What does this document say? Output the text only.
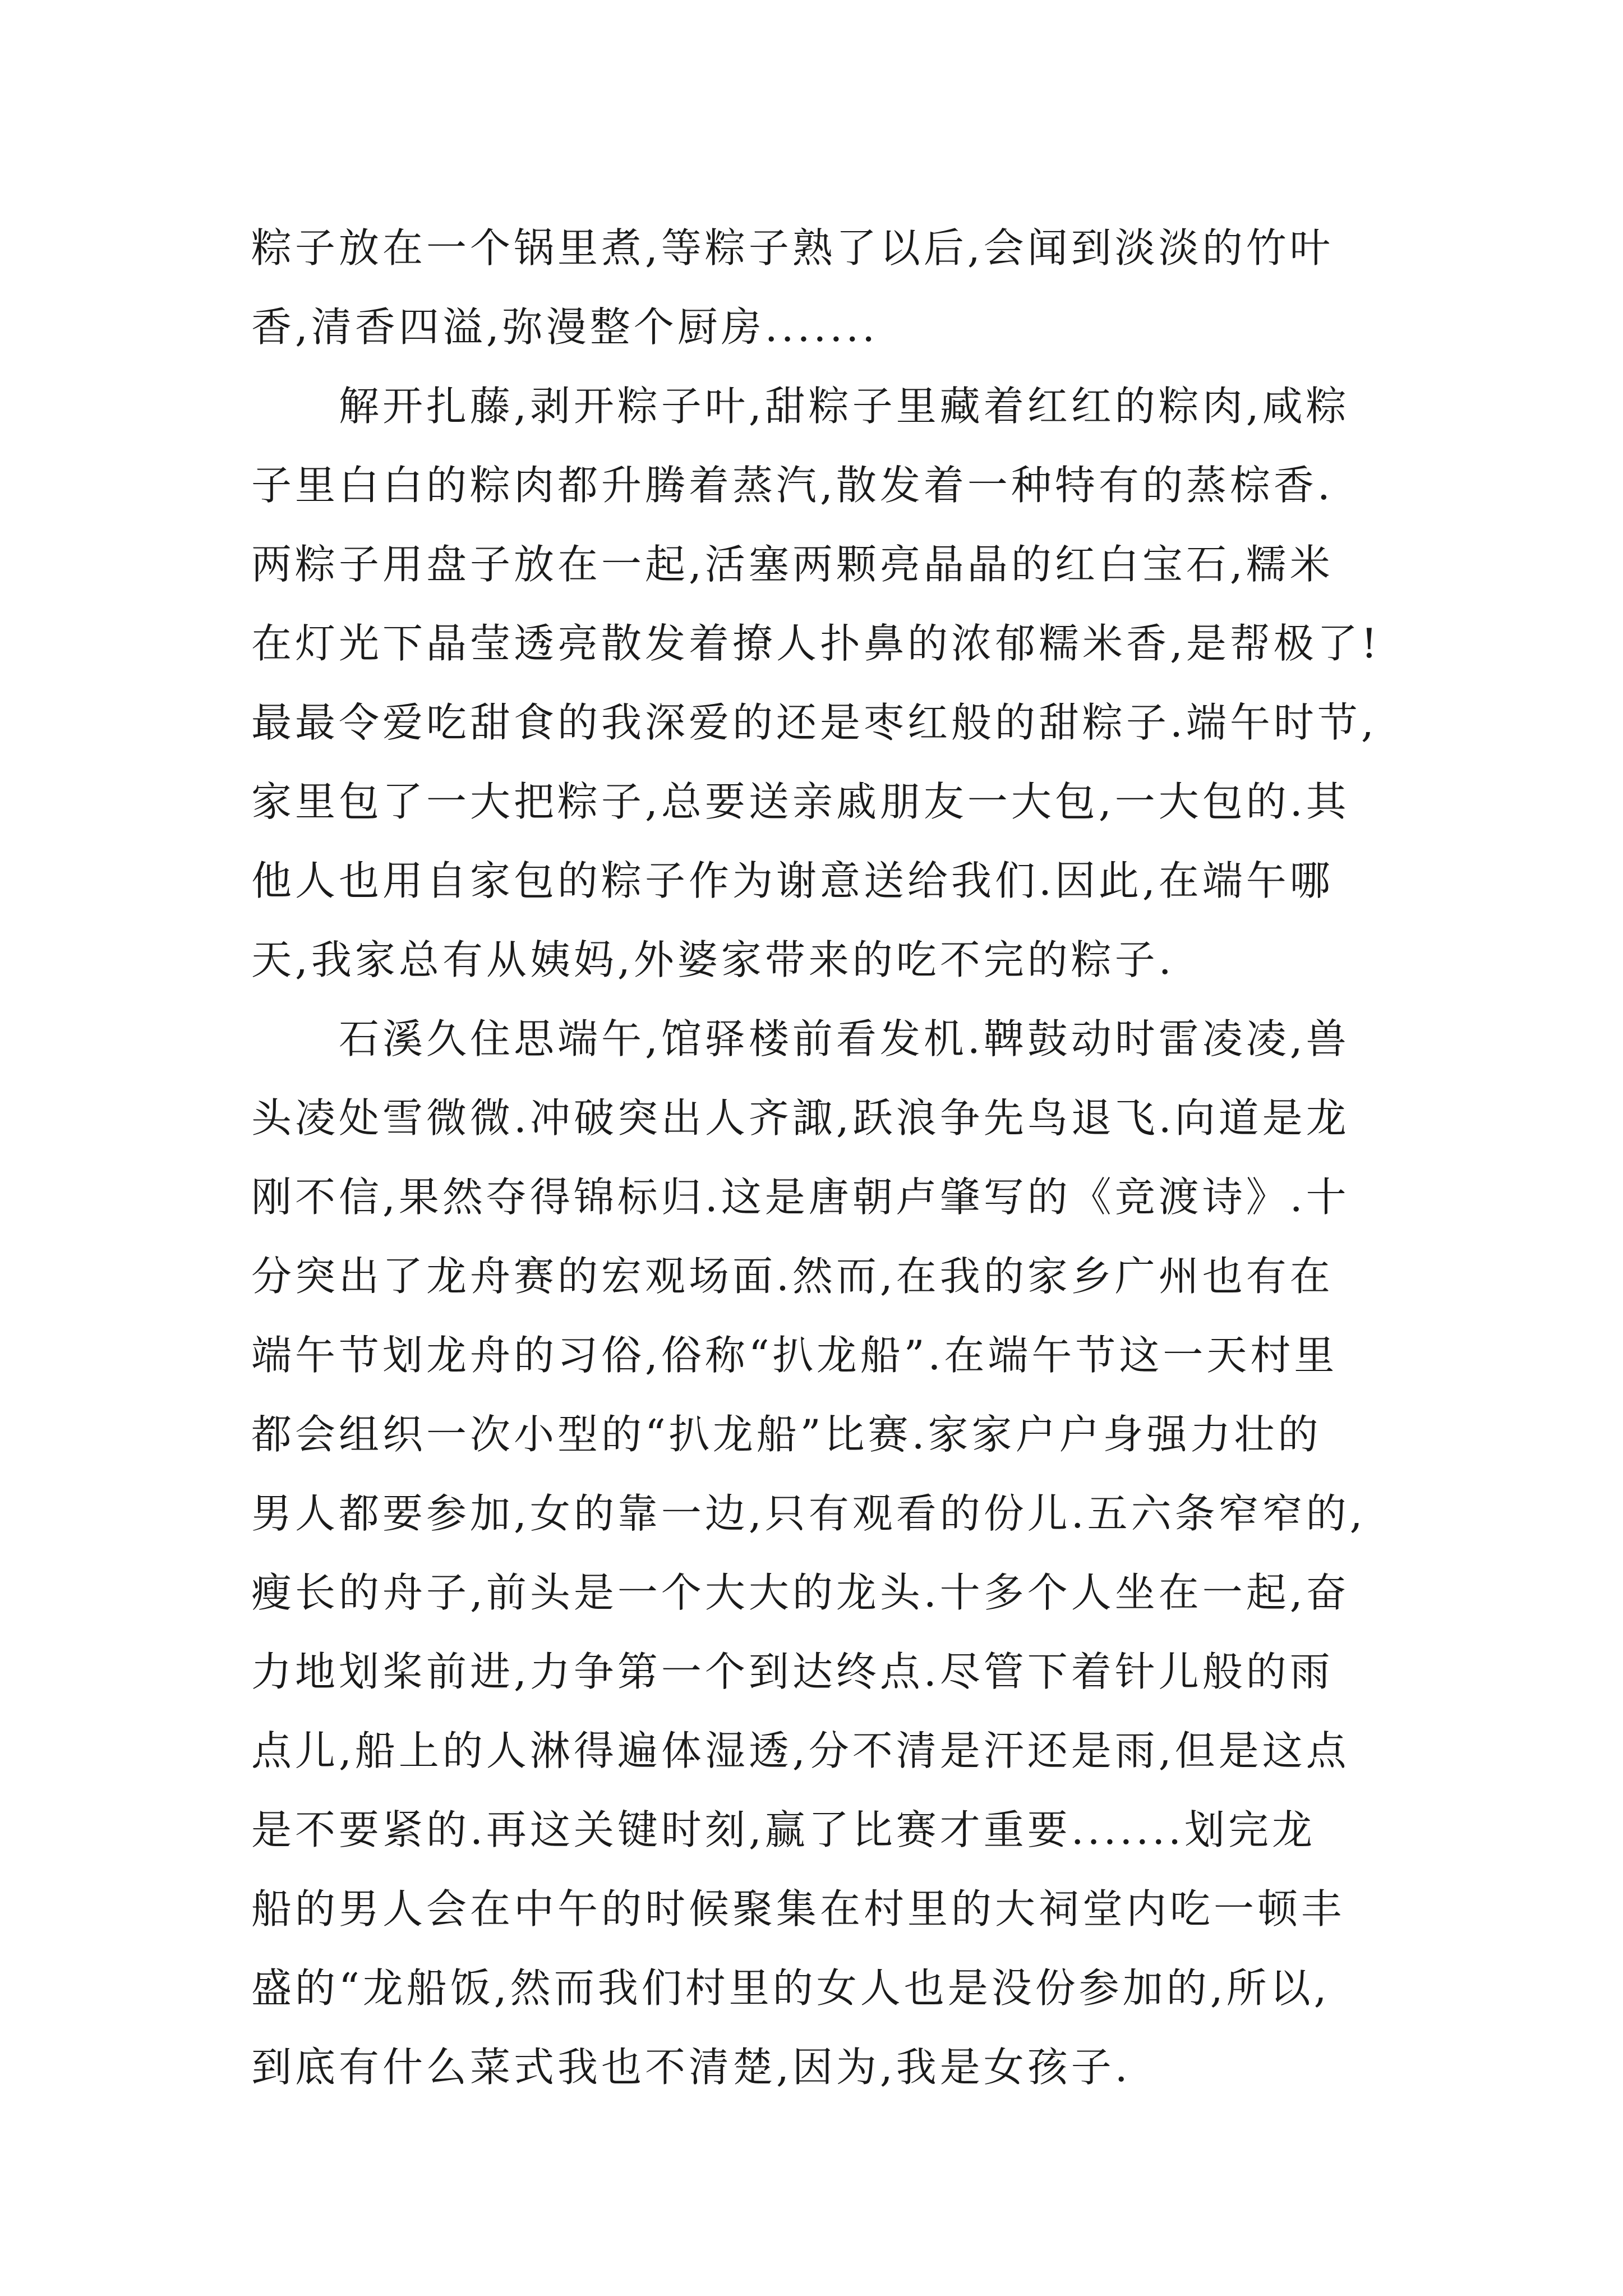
粽子放在一个锅里煮,等粽子熟了以后,会闻到淡淡的竹叶
香,清香四溢,弥漫整个厨房.......
　　解开扎藤,剥开粽子叶,甜粽子里藏着红红的粽肉,咸粽
子里白白的粽肉都升腾着蒸汽,散发着一种特有的蒸棕香.
两粽子用盘子放在一起,活塞两颗亮晶晶的红白宝石,糯米
在灯光下晶莹透亮散发着撩人扑鼻的浓郁糯米香,是帮极了!
最最令爱吃甜食的我深爱的还是枣红般的甜粽子.端午时节,
家里包了一大把粽子,总要送亲戚朋友一大包,一大包的.其
他人也用自家包的粽子作为谢意送给我们.因此,在端午哪
天,我家总有从姨妈,外婆家带来的吃不完的粽子.
　　石溪久住思端午,馆驿楼前看发机.鞞鼓动时雷凌凌,兽
头凌处雪微微.冲破突出人齐諏,跃浪争先鸟退飞.向道是龙
刚不信,果然夺得锦标归.这是唐朝卢肇写的《竞渡诗》.十
分突出了龙舟赛的宏观场面.然而,在我的家乡广州也有在
端午节划龙舟的习俗,俗称“扒龙船”.在端午节这一天村里
都会组织一次小型的“扒龙船”比赛.家家户户身强力壮的
男人都要参加,女的靠一边,只有观看的份儿.五六条窄窄的,
瘦长的舟子,前头是一个大大的龙头.十多个人坐在一起,奋
力地划桨前进,力争第一个到达终点.尽管下着针儿般的雨
点儿,船上的人淋得遍体湿透,分不清是汗还是雨,但是这点
是不要紧的.再这关键时刻,赢了比赛才重要.......划完龙
船的男人会在中午的时候聚集在村里的大祠堂内吃一顿丰
盛的“龙船饭,然而我们村里的女人也是没份参加的,所以,
到底有什么菜式我也不清楚,因为,我是女孩子.
